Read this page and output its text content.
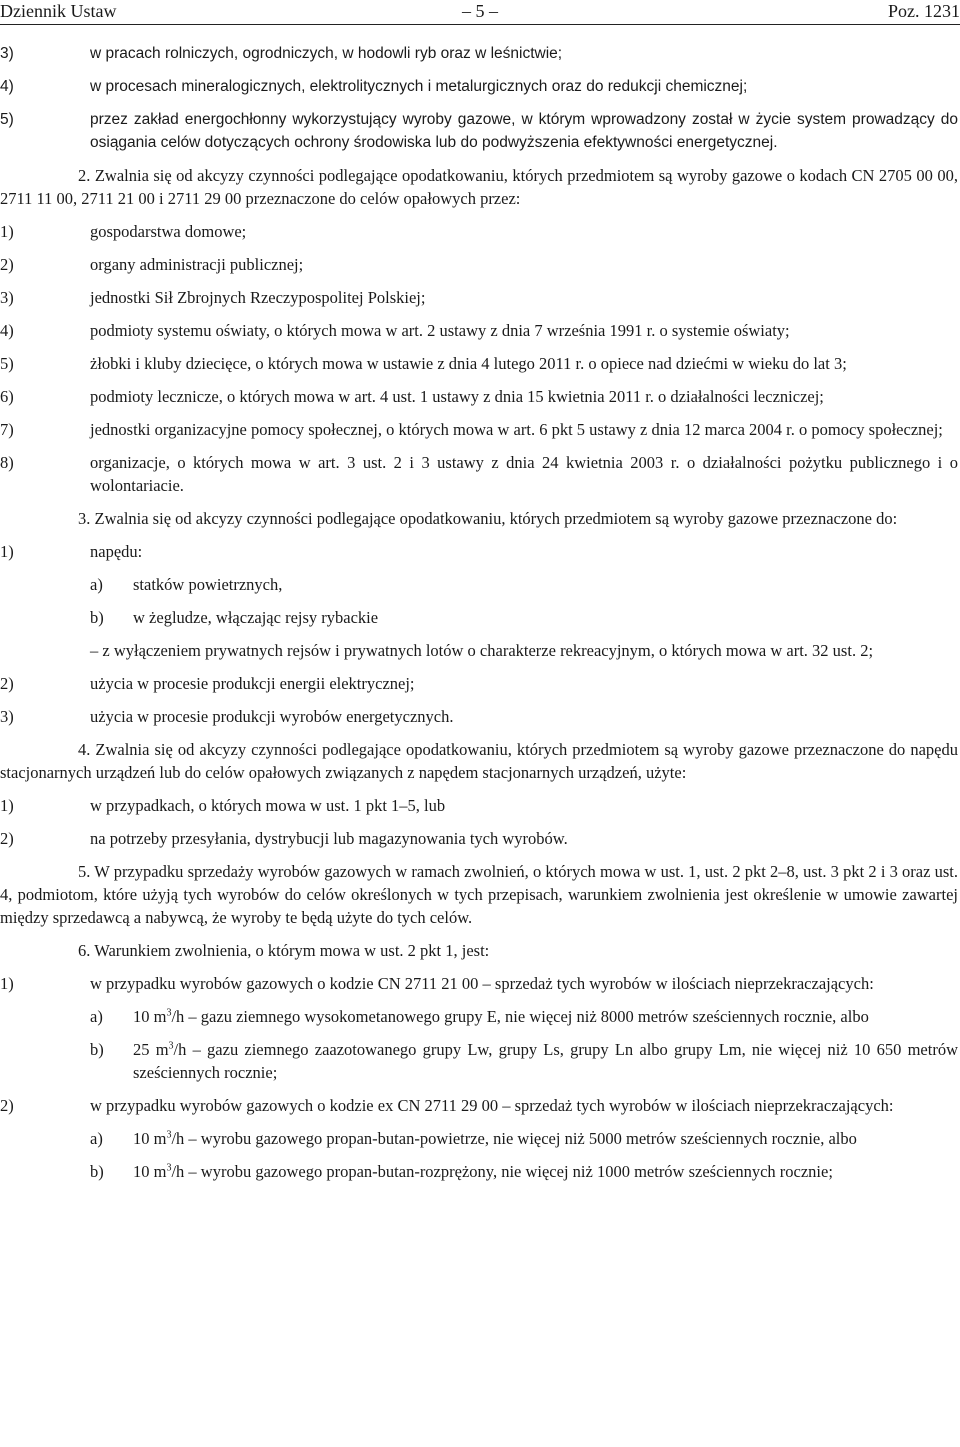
Dziennik Ustaw	– 5 –	Poz. 1231
3)	w pracach rolniczych, ogrodniczych, w hodowli ryb oraz w leśnictwie;
4)	w procesach mineralogicznych, elektrolitycznych i metalurgicznych oraz do redukcji chemicznej;
5)	przez zakład energochłonny wykorzystujący wyroby gazowe, w którym wprowadzony został w życie system prowadzący do osiągania celów dotyczących ochrony środowiska lub do podwyższenia efektywności energetycznej.
2. Zwalnia się od akcyzy czynności podlegające opodatkowaniu, których przedmiotem są wyroby gazowe o kodach CN 2705 00 00, 2711 11 00, 2711 21 00 i 2711 29 00 przeznaczone do celów opałowych przez:
1)	gospodarstwa domowe;
2)	organy administracji publicznej;
3)	jednostki Sił Zbrojnych Rzeczypospolitej Polskiej;
4)	podmioty systemu oświaty, o których mowa w art. 2 ustawy z dnia 7 września 1991 r. o systemie oświaty;
5)	żłobki i kluby dziecięce, o których mowa w ustawie z dnia 4 lutego 2011 r. o opiece nad dziećmi w wieku do lat 3;
6)	podmioty lecznicze, o których mowa w art. 4 ust. 1 ustawy z dnia 15 kwietnia 2011 r. o działalności leczniczej;
7)	jednostki organizacyjne pomocy społecznej, o których mowa w art. 6 pkt 5 ustawy z dnia 12 marca 2004 r. o pomocy społecznej;
8)	organizacje, o których mowa w art. 3 ust. 2 i 3 ustawy z dnia 24 kwietnia 2003 r. o działalności pożytku publicznego i o wolontariacie.
3. Zwalnia się od akcyzy czynności podlegające opodatkowaniu, których przedmiotem są wyroby gazowe przeznaczone do:
1)	napędu:
a) statków powietrznych,
b) w żegludze, włączając rejsy rybackie
– z wyłączeniem prywatnych rejsów i prywatnych lotów o charakterze rekreacyjnym, o których mowa w art. 32 ust. 2;
2)	użycia w procesie produkcji energii elektrycznej;
3)	użycia w procesie produkcji wyrobów energetycznych.
4. Zwalnia się od akcyzy czynności podlegające opodatkowaniu, których przedmiotem są wyroby gazowe przeznaczone do napędu stacjonarnych urządzeń lub do celów opałowych związanych z napędem stacjonarnych urządzeń, użyte:
1)	w przypadkach, o których mowa w ust. 1 pkt 1–5, lub
2)	na potrzeby przesyłania, dystrybucji lub magazynowania tych wyrobów.
5. W przypadku sprzedaży wyrobów gazowych w ramach zwolnień, o których mowa w ust. 1, ust. 2 pkt 2–8, ust. 3 pkt 2 i 3 oraz ust. 4, podmiotom, które użyją tych wyrobów do celów określonych w tych przepisach, warunkiem zwolnienia jest określenie w umowie zawartej między sprzedawcą a nabywcą, że wyroby te będą użyte do tych celów.
6. Warunkiem zwolnienia, o którym mowa w ust. 2 pkt 1, jest:
1)	w przypadku wyrobów gazowych o kodzie CN 2711 21 00 – sprzedaż tych wyrobów w ilościach nieprzekraczających:
a) 10 $m^3/h$ – gazu ziemnego wysokometanowego grupy E, nie więcej niż 8000 metrów sześciennych rocznie, albo
b) 25 $m^3/h$ – gazu ziemnego zaazotowanego grupy Lw, grupy Ls, grupy Ln albo grupy Lm, nie więcej niż 10 650 metrów sześciennych rocznie;
2)	w przypadku wyrobów gazowych o kodzie ex CN 2711 29 00 – sprzedaż tych wyrobów w ilościach nieprzekraczających:
a) 10 $m^3/h$ – wyrobu gazowego propan-butan-powietrze, nie więcej niż 5000 metrów sześciennych rocznie, albo
b) 10 $m^3/h$ – wyrobu gazowego propan-butan-rozprężony, nie więcej niż 1000 metrów sześciennych rocznie;
